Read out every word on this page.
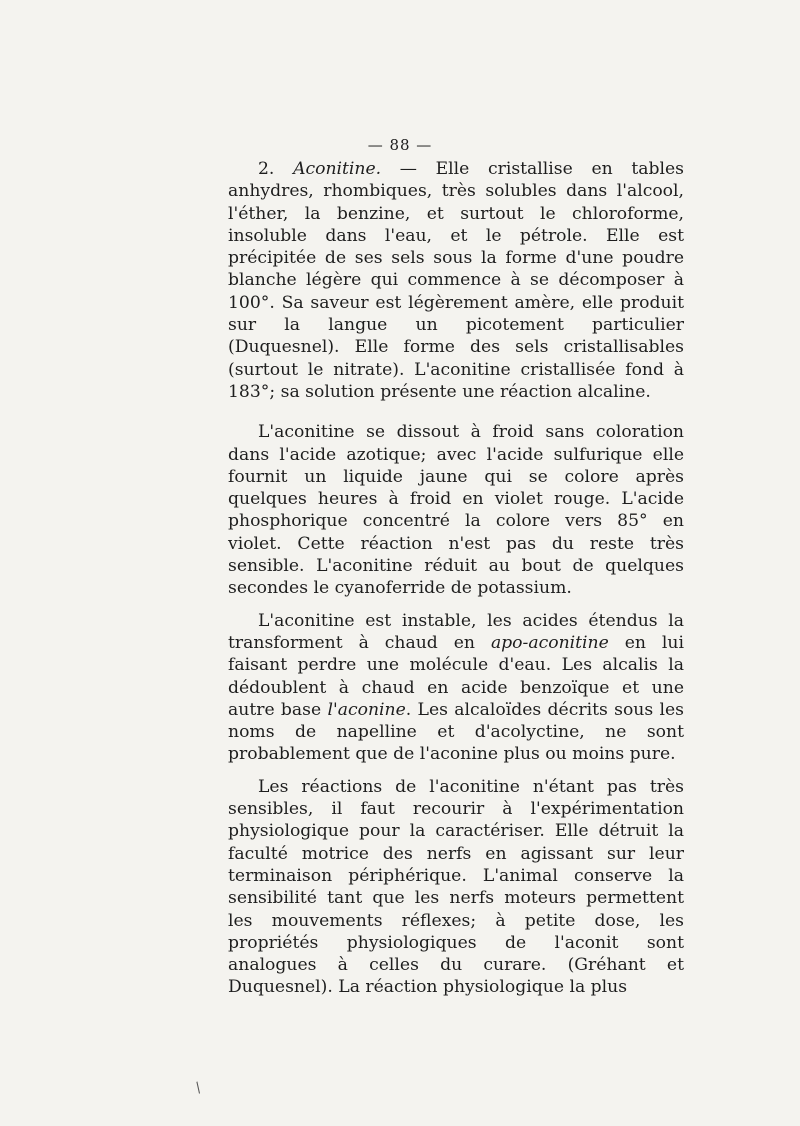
— 88 —

2. Aconitine. — Elle cristallise en tables anhydres, rhombiques, très solubles dans l'alcool, l'éther, la benzine, et surtout le chloroforme, insoluble dans l'eau, et le pétrole. Elle est précipitée de ses sels sous la forme d'une poudre blanche légère qui commence à se décomposer à 100°. Sa saveur est légèrement amère, elle produit sur la langue un picotement particulier (Duquesnel). Elle forme des sels cristallisables (surtout le nitrate). L'aconitine cristallisée fond à 183°; sa solution présente une réaction alcaline.

L'aconitine se dissout à froid sans coloration dans l'acide azotique; avec l'acide sulfurique elle fournit un liquide jaune qui se colore après quelques heures à froid en violet rouge. L'acide phosphorique concentré la colore vers 85° en violet. Cette réaction n'est pas du reste très sensible. L'aconitine réduit au bout de quelques secondes le cyanoferride de potassium.

L'aconitine est instable, les acides étendus la transforment à chaud en apo-aconitine en lui faisant perdre une molécule d'eau. Les alcalis la dédoublent à chaud en acide benzoïque et une autre base l'aconine. Les alcaloïdes décrits sous les noms de napelline et d'acolyctine, ne sont probablement que de l'aconine plus ou moins pure.

Les réactions de l'aconitine n'étant pas très sensibles, il faut recourir à l'expérimentation physiologique pour la caractériser. Elle détruit la faculté motrice des nerfs en agissant sur leur terminaison périphérique. L'animal conserve la sensibilité tant que les nerfs moteurs permettent les mouvements réflexes; à petite dose, les propriétés physiologiques de l'aconit sont analogues à celles du curare. (Gréhant et Duquesnel). La réaction physiologique la plus

/
